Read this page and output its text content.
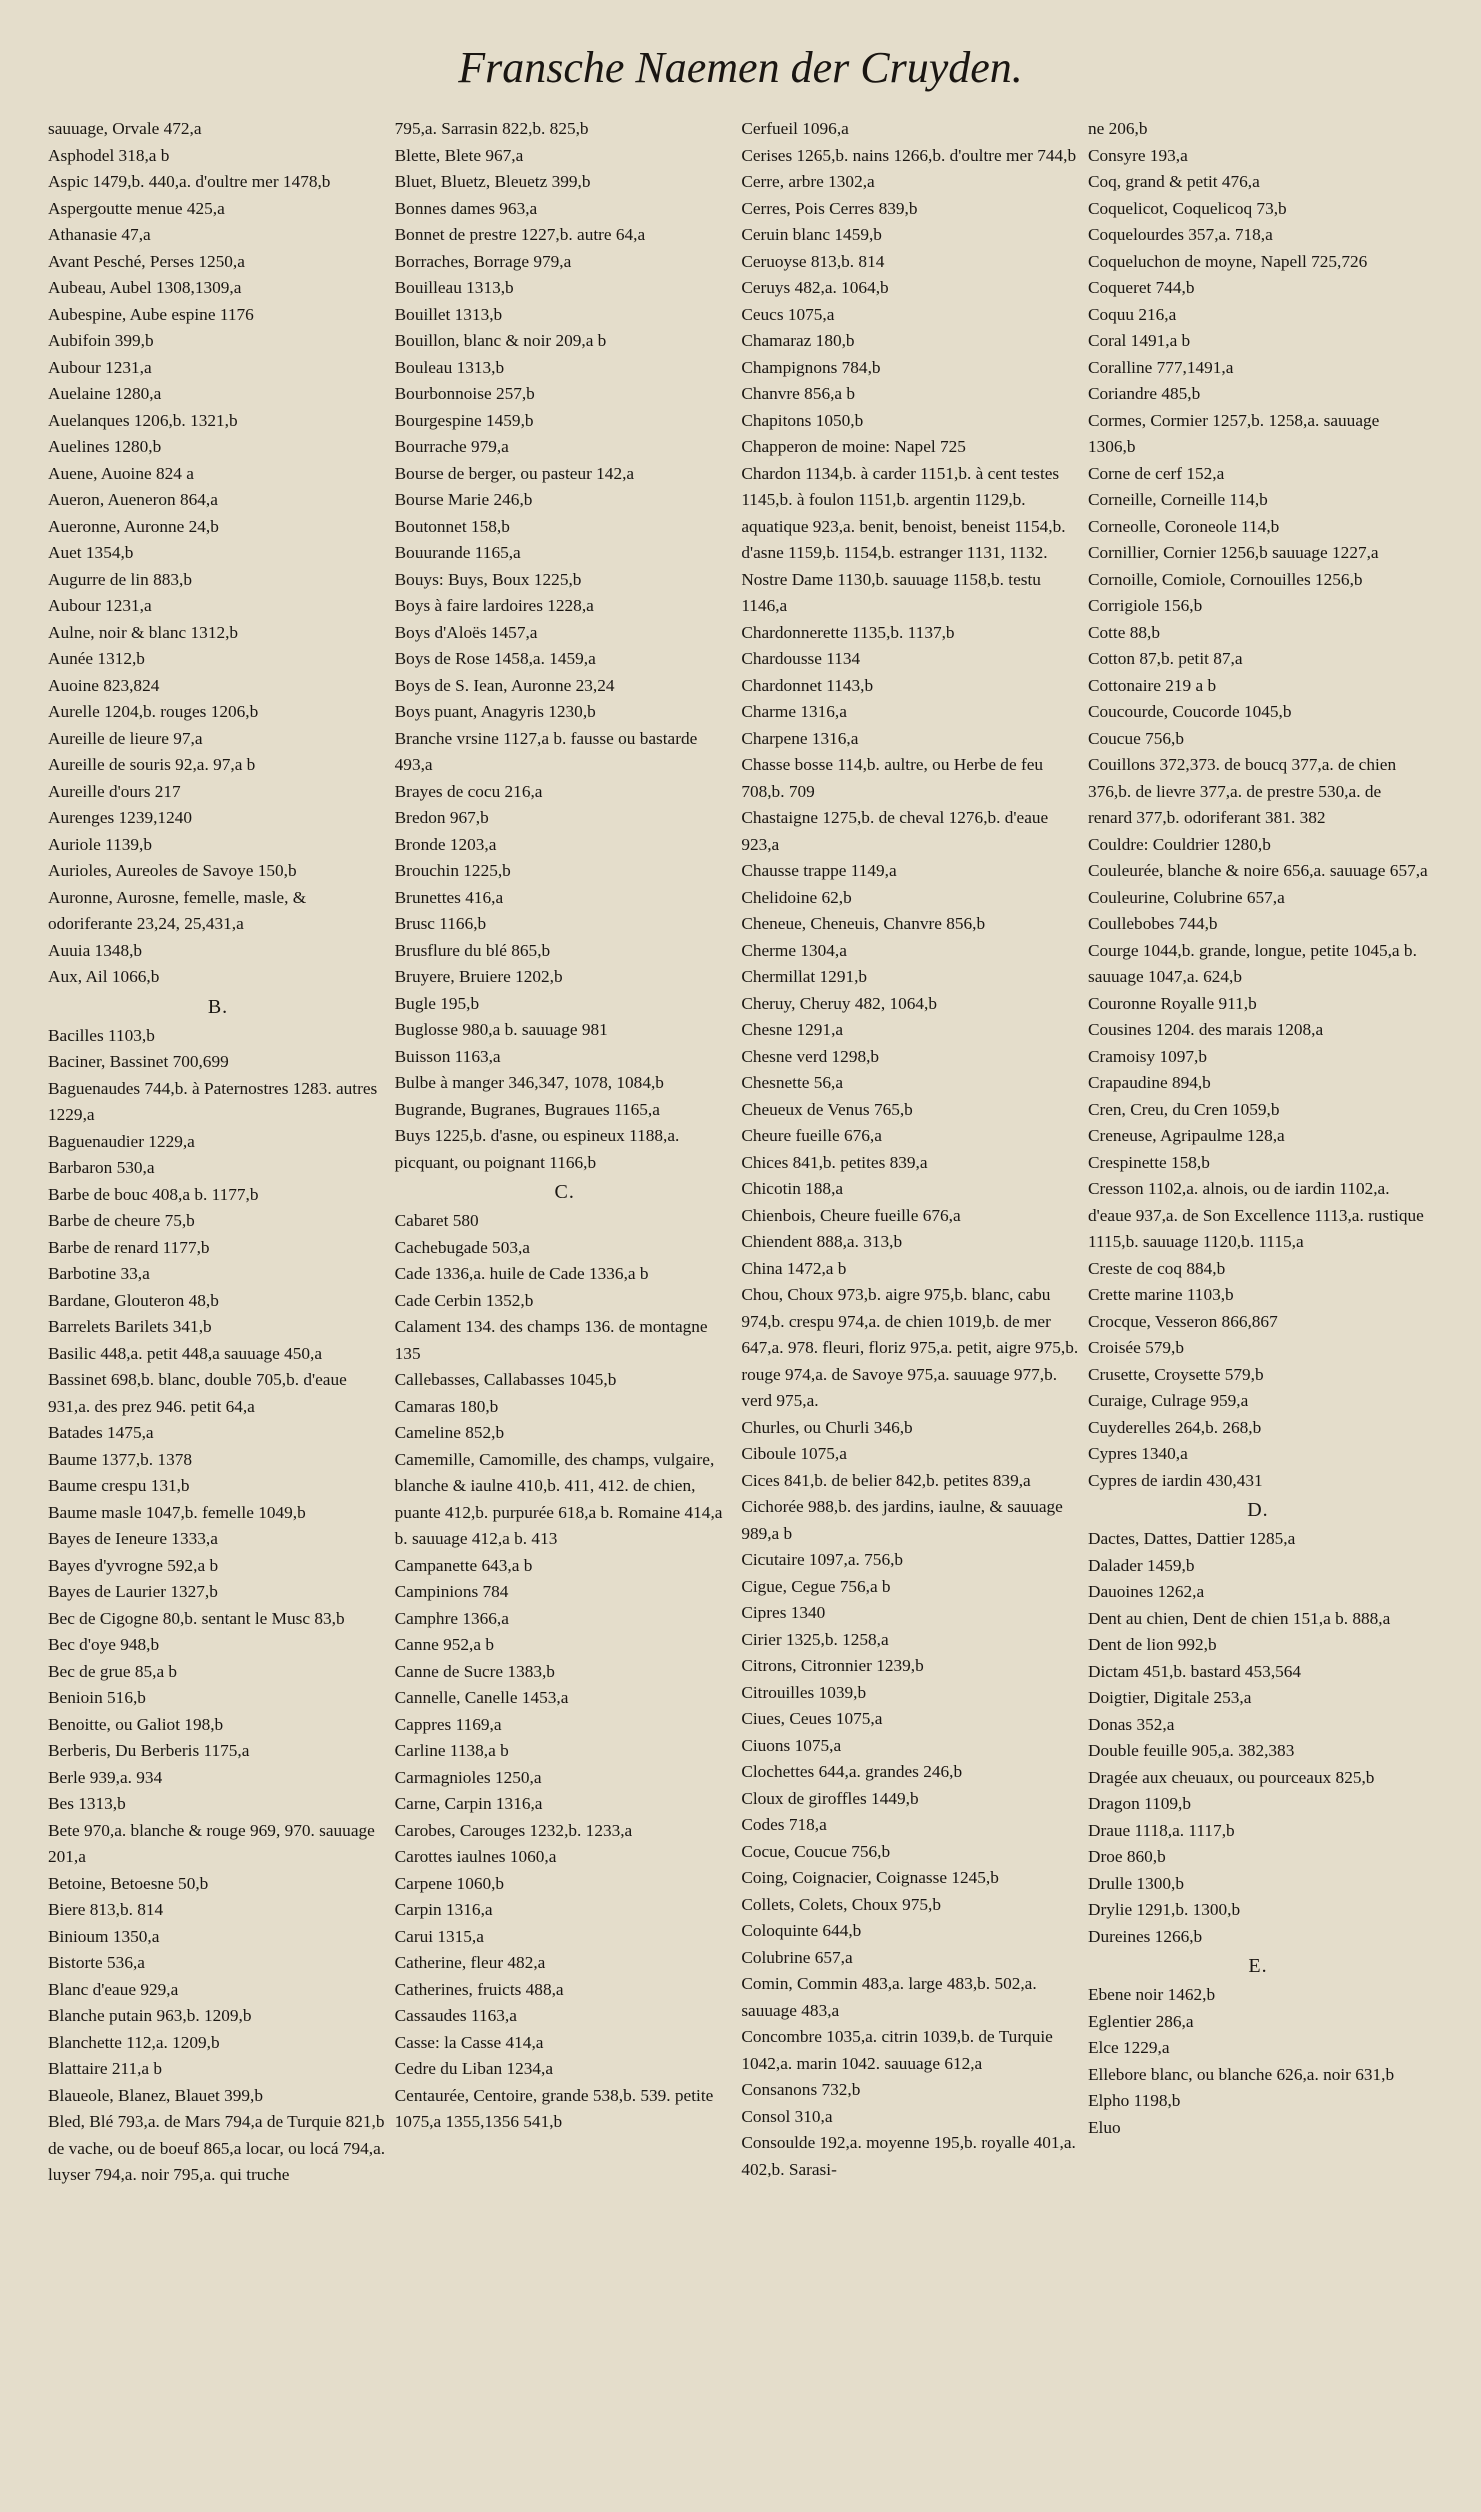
Fransche Naemen der Cruyden.

sauuage, Orvale 472,a

Asphodel 318,a b

Aspic 1479,b. 440,a. d'oultre mer 1478,b

Aspergoutte menue 425,a

Athanasie 47,a

Avant Pesché, Perses 1250,a

Aubeau, Aubel 1308,1309,a

Aubespine, Aube espine 1176

Aubifoin 399,b

Aubour 1231,a

Auelaine 1280,a

Auelanques 1206,b. 1321,b

Auelines 1280,b

Auene, Auoine 824 a

Aueron, Aueneron 864,a

Aueronne, Auronne 24,b

Auet 1354,b

Augurre de lin 883,b

Aubour 1231,a

Aulne, noir & blanc 1312,b

Aunée 1312,b

Auoine 823,824

Aurelle 1204,b. rouges 1206,b

Aureille de lieure 97,a

Aureille de souris 92,a. 97,a b

Aureille d'ours 217

Aurenges 1239,1240

Auriole 1139,b

Aurioles, Aureoles de Savoye 150,b

Auronne, Aurosne, femelle, masle, & odoriferante 23,24, 25,431,a

Auuia 1348,b

Aux, Ail 1066,b

B.

Bacilles 1103,b

Baciner, Bassinet 700,699

Baguenaudes 744,b. à Paternostres 1283. autres 1229,a

Baguenaudier 1229,a

Barbaron 530,a

Barbe de bouc 408,a b. 1177,b

Barbe de cheure 75,b

Barbe de renard 1177,b

Barbotine 33,a

Bardane, Glouteron 48,b

Barrelets Barilets 341,b

Basilic 448,a. petit 448,a sauuage 450,a

Bassinet 698,b. blanc, double 705,b. d'eaue 931,a. des prez 946. petit 64,a

Batades 1475,a

Baume 1377,b. 1378

Baume crespu 131,b

Baume masle 1047,b. femelle 1049,b

Bayes de Ieneure 1333,a

Bayes d'yvrogne 592,a b

Bayes de Laurier 1327,b

Bec de Cigogne 80,b. sentant le Musc 83,b

Bec d'oye 948,b

Bec de grue 85,a b

Benioin 516,b

Benoitte, ou Galiot 198,b

Berberis, Du Berberis 1175,a

Berle 939,a. 934

Bes 1313,b

Bete 970,a. blanche & rouge 969, 970. sauuage 201,a

Betoine, Betoesne 50,b

Biere 813,b. 814

Binioum 1350,a

Bistorte 536,a

Blanc d'eaue 929,a

Blanche putain 963,b. 1209,b

Blanchette 112,a. 1209,b

Blattaire 211,a b

Blaueole, Blanez, Blauet 399,b

Bled, Blé 793,a. de Mars 794,a de Turquie 821,b de vache, ou de boeuf 865,a locar, ou locá 794,a. luyser 794,a. noir 795,a. qui truche

795,a. Sarrasin 822,b. 825,b

Blette, Blete 967,a

Bluet, Bluetz, Bleuetz 399,b

Bonnes dames 963,a

Bonnet de prestre 1227,b. autre 64,a

Borraches, Borrage 979,a

Bouilleau 1313,b

Bouillet 1313,b

Bouillon, blanc & noir 209,a b

Bouleau 1313,b

Bourbonnoise 257,b

Bourgespine 1459,b

Bourrache 979,a

Bourse de berger, ou pasteur 142,a

Bourse Marie 246,b

Boutonnet 158,b

Bouurande 1165,a

Bouys: Buys, Boux 1225,b

Boys à faire lardoires 1228,a

Boys d'Aloës 1457,a

Boys de Rose 1458,a. 1459,a

Boys de S. Iean, Auronne 23,24

Boys puant, Anagyris 1230,b

Branche vrsine 1127,a b. fausse ou bastarde 493,a

Brayes de cocu 216,a

Bredon 967,b

Bronde 1203,a

Brouchin 1225,b

Brunettes 416,a

Brusc 1166,b

Brusflure du blé 865,b

Bruyere, Bruiere 1202,b

Bugle 195,b

Buglosse 980,a b. sauuage 981

Buisson 1163,a

Bulbe à manger 346,347, 1078, 1084,b

Bugrande, Bugranes, Bugraues 1165,a

Buys 1225,b. d'asne, ou espineux 1188,a. picquant, ou poignant 1166,b

C.

Cabaret 580

Cachebugade 503,a

Cade 1336,a. huile de Cade 1336,a b

Cade Cerbin 1352,b

Calament 134. des champs 136. de montagne 135

Callebasses, Callabasses 1045,b

Camaras 180,b

Cameline 852,b

Camemille, Camomille, des champs, vulgaire, blanche & iaulne 410,b. 411, 412. de chien, puante 412,b. purpurée 618,a b. Romaine 414,a b. sauuage 412,a b. 413

Campanette 643,a b

Campinions 784

Camphre 1366,a

Canne 952,a b

Canne de Sucre 1383,b

Cannelle, Canelle 1453,a

Cappres 1169,a

Carline 1138,a b

Carmagnioles 1250,a

Carne, Carpin 1316,a

Carobes, Carouges 1232,b. 1233,a

Carottes iaulnes 1060,a

Carpene 1060,b

Carpin 1316,a

Carui 1315,a

Catherine, fleur 482,a

Catherines, fruicts 488,a

Cassaudes 1163,a

Casse: la Casse 414,a

Cedre du Liban 1234,a

Centaurée, Centoire, grande 538,b. 539. petite 1075,a 1355,1356 541,b

Cerfueil 1096,a

Cerises 1265,b. nains 1266,b. d'oultre mer 744,b

Cerre, arbre 1302,a

Cerres, Pois Cerres 839,b

Ceruin blanc 1459,b

Ceruoyse 813,b. 814

Ceruys 482,a. 1064,b

Ceucs 1075,a

Chamaraz 180,b

Champignons 784,b

Chanvre 856,a b

Chapitons 1050,b

Chapperon de moine: Napel 725

Chardon 1134,b. à carder 1151,b. à cent testes 1145,b. à foulon 1151,b. argentin 1129,b. aquatique 923,a. benit, benoist, beneist 1154,b. d'asne 1159,b. 1154,b. estranger 1131, 1132. Nostre Dame 1130,b. sauuage 1158,b. testu 1146,a

Chardonnerette 1135,b. 1137,b

Chardousse 1134

Chardonnet 1143,b

Charme 1316,a

Charpene 1316,a

Chasse bosse 114,b. aultre, ou Herbe de feu 708,b. 709

Chastaigne 1275,b. de cheval 1276,b. d'eaue 923,a

Chausse trappe 1149,a

Chelidoine 62,b

Cheneue, Cheneuis, Chanvre 856,b

Cherme 1304,a

Chermillat 1291,b

Cheruy, Cheruy 482, 1064,b

Chesne 1291,a

Chesne verd 1298,b

Chesnette 56,a

Cheueux de Venus 765,b

Cheure fueille 676,a

Chices 841,b. petites 839,a

Chicotin 188,a

Chienbois, Cheure fueille 676,a

Chiendent 888,a. 313,b

China 1472,a b

Chou, Choux 973,b. aigre 975,b. blanc, cabu 974,b. crespu 974,a. de chien 1019,b. de mer 647,a. 978. fleuri, floriz 975,a. petit, aigre 975,b. rouge 974,a. de Savoye 975,a. sauuage 977,b. verd 975,a.

Churles, ou Churli 346,b

Ciboule 1075,a

Cices 841,b. de belier 842,b. petites 839,a

Cichorée 988,b. des jardins, iaulne, & sauuage 989,a b

Cicutaire 1097,a. 756,b

Cigue, Cegue 756,a b

Cipres 1340

Cirier 1325,b. 1258,a

Citrons, Citronnier 1239,b

Citrouilles 1039,b

Ciues, Ceues 1075,a

Ciuons 1075,a

Clochettes 644,a. grandes 246,b

Cloux de giroffles 1449,b

Codes 718,a

Cocue, Coucue 756,b

Coing, Coignacier, Coignasse 1245,b

Collets, Colets, Choux 975,b

Coloquinte 644,b

Colubrine 657,a

Comin, Commin 483,a. large 483,b. 502,a. sauuage 483,a

Concombre 1035,a. citrin 1039,b. de Turquie 1042,a. marin 1042. sauuage 612,a

Consanons 732,b

Consol 310,a

Consoulde 192,a. moyenne 195,b. royalle 401,a. 402,b. Sarasi-

ne 206,b

Consyre 193,a

Coq, grand & petit 476,a

Coquelicot, Coquelicoq 73,b

Coquelourdes 357,a. 718,a

Coqueluchon de moyne, Napell 725,726

Coqueret 744,b

Coquu 216,a

Coral 1491,a b

Coralline 777,1491,a

Coriandre 485,b

Cormes, Cormier 1257,b. 1258,a. sauuage 1306,b

Corne de cerf 152,a

Corneille, Corneille 114,b

Corneolle, Coroneole 114,b

Cornillier, Cornier 1256,b sauuage 1227,a

Cornoille, Comiole, Cornouilles 1256,b

Corrigiole 156,b

Cotte 88,b

Cotton 87,b. petit 87,a

Cottonaire 219 a b

Coucourde, Coucorde 1045,b

Coucue 756,b

Couillons 372,373. de boucq 377,a. de chien 376,b. de lievre 377,a. de prestre 530,a. de renard 377,b. odoriferant 381. 382

Couldre: Couldrier 1280,b

Couleurée, blanche & noire 656,a. sauuage 657,a

Couleurine, Colubrine 657,a

Coullebobes 744,b

Courge 1044,b. grande, longue, petite 1045,a b. sauuage 1047,a. 624,b

Couronne Royalle 911,b

Cousines 1204. des marais 1208,a

Cramoisy 1097,b

Crapaudine 894,b

Cren, Creu, du Cren 1059,b

Creneuse, Agripaulme 128,a

Crespinette 158,b

Cresson 1102,a. alnois, ou de iardin 1102,a. d'eaue 937,a. de Son Excellence 1113,a. rustique 1115,b. sauuage 1120,b. 1115,a

Creste de coq 884,b

Crette marine 1103,b

Crocque, Vesseron 866,867

Croisée 579,b

Crusette, Croysette 579,b

Curaige, Culrage 959,a

Cuyderelles 264,b. 268,b

Cypres 1340,a

Cypres de iardin 430,431

D.

Dactes, Dattes, Dattier 1285,a

Dalader 1459,b

Dauoines 1262,a

Dent au chien, Dent de chien 151,a b. 888,a

Dent de lion 992,b

Dictam 451,b. bastard 453,564

Doigtier, Digitale 253,a

Donas 352,a

Double feuille 905,a. 382,383

Dragée aux cheuaux, ou pourceaux 825,b

Dragon 1109,b

Draue 1118,a. 1117,b

Droe 860,b

Drulle 1300,b

Drylie 1291,b. 1300,b

Dureines 1266,b

E.

Ebene noir 1462,b

Eglentier 286,a

Elce 1229,a

Ellebore blanc, ou blanche 626,a. noir 631,b

Elpho 1198,b

Eluo
